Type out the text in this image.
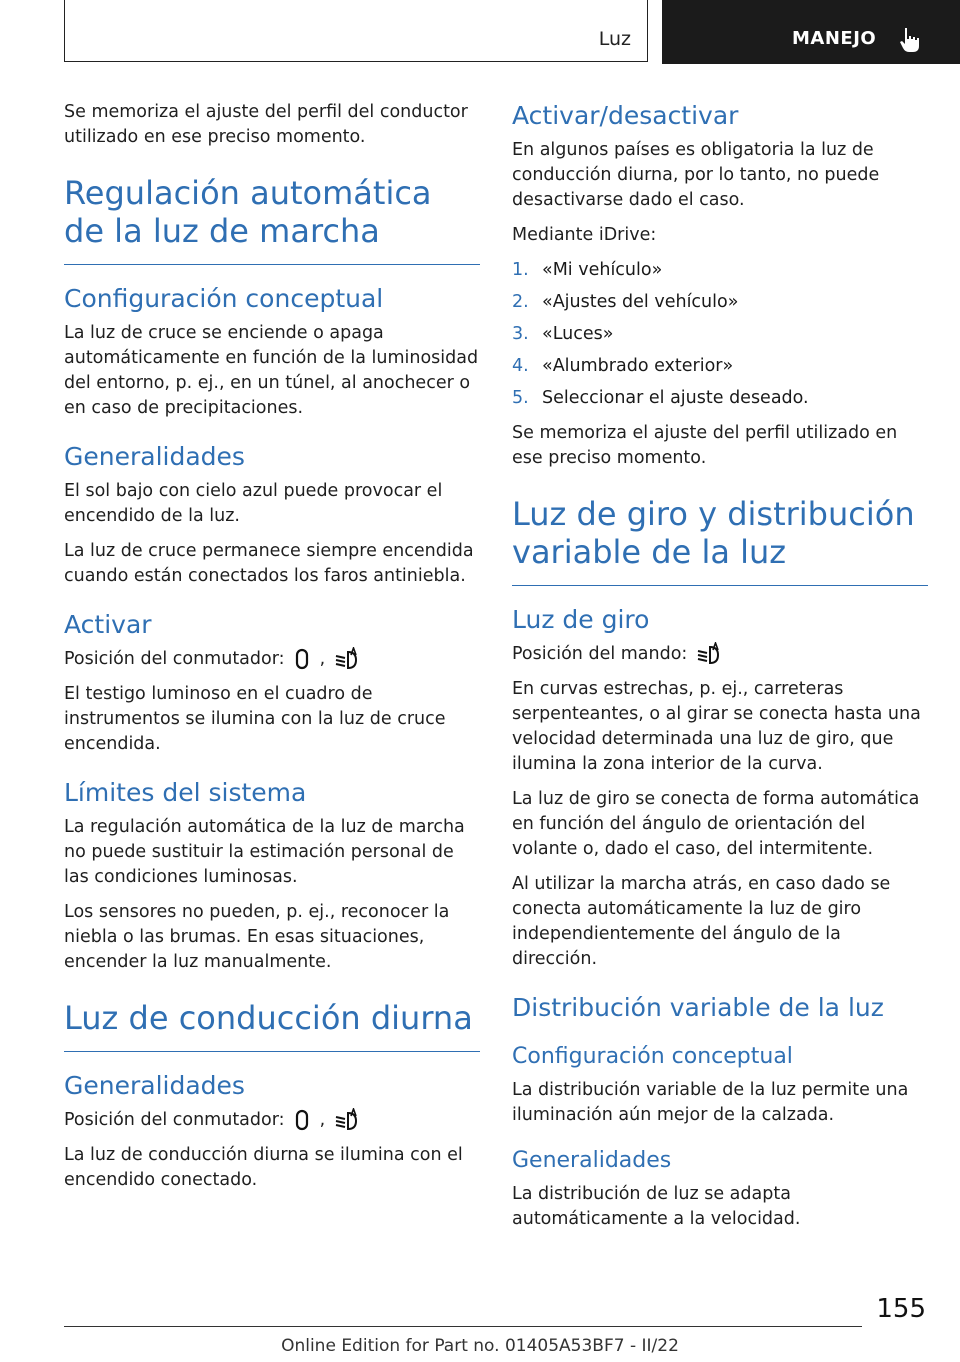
Luz	MANEJO

Se memoriza el ajuste del perfil del conductor utilizado en ese preciso momento.

Regulación automática de la luz de marcha
Configuración conceptual

La luz de cruce se enciende o apaga automáticamente en función de la luminosidad del entorno, p. ej., en un túnel, al anochecer o en caso de precipitaciones.

Generalidades

El sol bajo con cielo azul puede provocar el encendido de la luz.

La luz de cruce permanece siempre encendida cuando están conectados los faros antiniebla.

Activar

Posición del conmutador: ,

El testigo luminoso en el cuadro de instrumentos se ilumina con la luz de cruce encendida.

Límites del sistema

La regulación automática de la luz de marcha no puede sustituir la estimación personal de las condiciones luminosas.

Los sensores no pueden, p. ej., reconocer la niebla o las brumas. En esas situaciones, encender la luz manualmente.

Luz de conducción diurna
Generalidades

Posición del conmutador: ,

La luz de conducción diurna se ilumina con el encendido conectado.

Activar/desactivar

En algunos países es obligatoria la luz de conducción diurna, por lo tanto, no puede desactivarse dado el caso.

Mediante iDrive:

1. «Mi vehículo»
2. «Ajustes del vehículo»
3. «Luces»
4. «Alumbrado exterior»
5. Seleccionar el ajuste deseado.

Se memoriza el ajuste del perfil utilizado en ese preciso momento.

Luz de giro y distribución variable de la luz
Luz de giro

Posición del mando:

En curvas estrechas, p. ej., carreteras serpenteantes, o al girar se conecta hasta una velocidad determinada una luz de giro, que ilumina la zona interior de la curva.

La luz de giro se conecta de forma automática en función del ángulo de orientación del volante o, dado el caso, del intermitente.

Al utilizar la marcha atrás, en caso dado se conecta automáticamente la luz de giro independientemente del ángulo de la dirección.

Distribución variable de la luz
Configuración conceptual

La distribución variable de la luz permite una iluminación aún mejor de la calzada.

Generalidades

La distribución de luz se adapta automáticamente a la velocidad.

155
Online Edition for Part no. 01405A53BF7 - II/22
